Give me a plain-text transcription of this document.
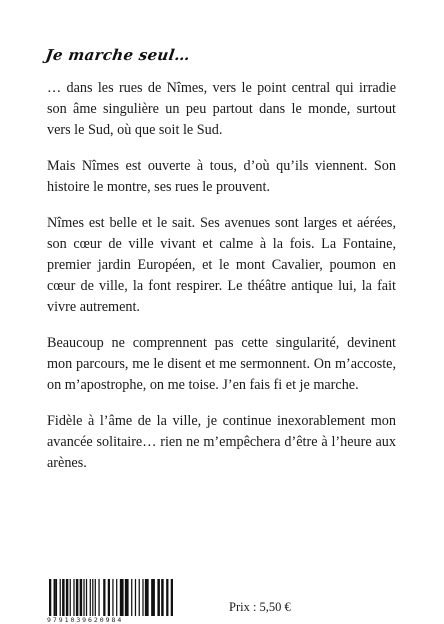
Je marche seul…

… dans les rues de Nîmes, vers le point central qui irradie son âme singulière un peu partout dans le monde, surtout vers le Sud, où que soit le Sud.

Mais Nîmes est ouverte à tous, d’où qu’ils viennent. Son histoire le montre, ses rues le prouvent.

Nîmes est belle et le sait. Ses avenues sont larges et aérées, son cœur de ville vivant et calme à la fois. La Fontaine, premier jardin Européen, et le mont Cavalier, poumon en cœur de ville, la font respirer. Le théâtre antique lui, la fait vivre autrement.

Beaucoup ne comprennent pas cette singularité, devinent mon parcours, me le disent et me sermonnent. On m’accoste, on m’apostrophe, on me toise. J’en fais fi et je marche.

Fidèle à l’âme de la ville, je continue inexorablement mon avancée solitaire… rien ne m’empêchera d’être à l’heure aux arènes.

9791039620984
Prix : 5,50 €
